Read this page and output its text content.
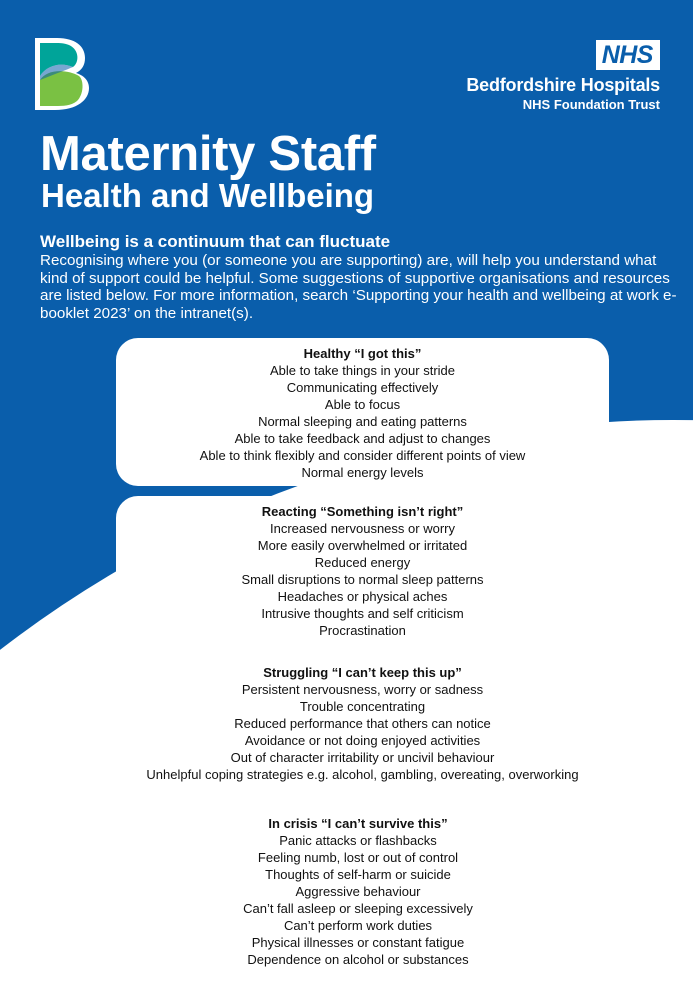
NHS
Bedfordshire Hospitals
NHS Foundation Trust
Maternity Staff
Health and Wellbeing
Wellbeing is a continuum that can fluctuate
Recognising where you (or someone you are supporting) are, will help you understand what kind of support could be helpful. Some suggestions of supportive organisations and resources are listed below. For more information, search ‘Supporting your health and wellbeing at work e-booklet 2023’ on the intranet(s).
Healthy “I got this”
Able to take things in your stride
Communicating effectively
Able to focus
Normal sleeping and eating patterns
Able to take feedback and adjust to changes
Able to think flexibly and consider different points of view
Normal energy levels
Reacting “Something isn’t right”
Increased nervousness or worry
More easily overwhelmed or irritated
Reduced energy
Small disruptions to normal sleep patterns
Headaches or physical aches
Intrusive thoughts and self criticism
Procrastination
Struggling “I can’t keep this up”
Persistent nervousness, worry or sadness
Trouble concentrating
Reduced performance that others can notice
Avoidance or not doing enjoyed activities
Out of character irritability or uncivil behaviour
Unhelpful coping strategies e.g. alcohol, gambling, overeating, overworking
In crisis “I can’t survive this”
Panic attacks or flashbacks
Feeling numb, lost or out of control
Thoughts of self-harm or suicide
Aggressive behaviour
Can’t fall asleep or sleeping excessively
Can’t perform work duties
Physical illnesses or constant fatigue
Dependence on alcohol or substances
